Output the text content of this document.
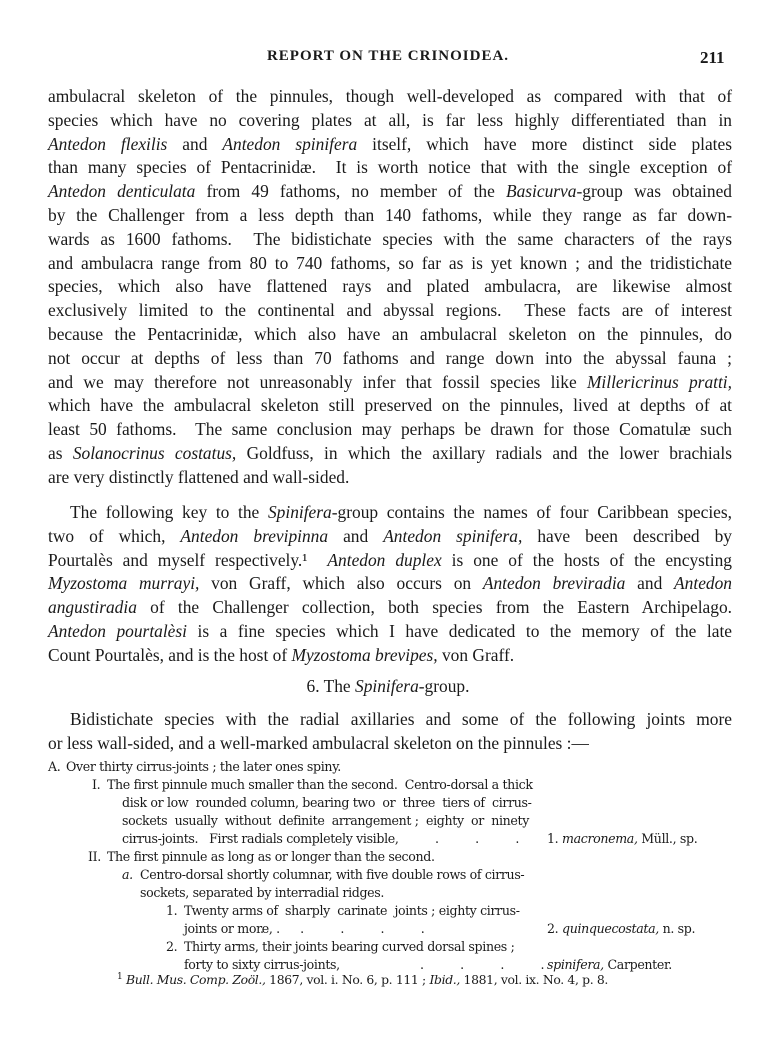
REPORT ON THE CRINOIDEA.	211
ambulacral skeleton of the pinnules, though well-developed as compared with that of
species which have no covering plates at all, is far less highly differentiated than in
Antedon flexilis and Antedon spinifera itself, which have more distinct side plates
than many species of Pentacrinidæ.  It is worth notice that with the single exception of
Antedon denticulata from 49 fathoms, no member of the Basicurva-group was obtained
by the Challenger from a less depth than 140 fathoms, while they range as far down-
wards as 1600 fathoms.  The bidistichate species with the same characters of the rays
and ambulacra range from 80 to 740 fathoms, so far as is yet known ; and the tridistichate
species, which also have flattened rays and plated ambulacra, are likewise almost
exclusively limited to the continental and abyssal regions.  These facts are of interest
because the Pentacrinidæ, which also have an ambulacral skeleton on the pinnules, do
not occur at depths of less than 70 fathoms and range down into the abyssal fauna ;
and we may therefore not unreasonably infer that fossil species like Millericrinus pratti,
which have the ambulacral skeleton still preserved on the pinnules, lived at depths of at
least 50 fathoms.  The same conclusion may perhaps be drawn for those Comatulæ such
as Solanocrinus costatus, Goldfuss, in which the axillary radials and the lower brachials
are very distinctly flattened and wall-sided.
The following key to the Spinifera-group contains the names of four Caribbean species,
two of which, Antedon brevipinna and Antedon spinifera, have been described by
Pourtalès and myself respectively.¹  Antedon duplex is one of the hosts of the encysting
Myzostoma murrayi, von Graff, which also occurs on Antedon breviradia and Antedon
angustiradia of the Challenger collection, both species from the Eastern Archipelago.
Antedon pourtalèsi is a fine species which I have dedicated to the memory of the late
Count Pourtalès, and is the host of Myzostoma brevipes, von Graff.
6. The Spinifera-group.
Bidistichate species with the radial axillaries and some of the following joints more
or less wall-sided, and a well-marked ambulacral skeleton on the pinnules :—
A. Over thirty cirrus-joints ; the later ones spiny.
I. The first pinnule much smaller than the second.  Centro-dorsal a thick
disk or low  rounded column, bearing two  or  three  tiers of  cirrus-
sockets  usually  without  definite  arrangement ;  eighty  or  ninety
cirrus-joints.   First radials completely visible,	.          .          . 1. macronema, Müll., sp.
II. The first pinnule as long as or longer than the second.
a. Centro-dorsal shortly columnar, with five double rows of cirrus-
sockets, separated by interradial ridges.
1. Twenty arms of  sharply  carinate  joints ; eighty cirrus-
joints or more, .
.          .          .          .          .	2. quinquecostata, n. sp.
2. Thirty arms, their joints bearing curved dorsal spines ;
forty to sixty cirrus-joints,	.          .          .          . spinifera, Carpenter.
$^1$ Bull. Mus. Comp. Zoöl., 1867, vol. i. No. 6, p. 111 ; Ibid., 1881, vol. ix. No. 4, p. 8.
